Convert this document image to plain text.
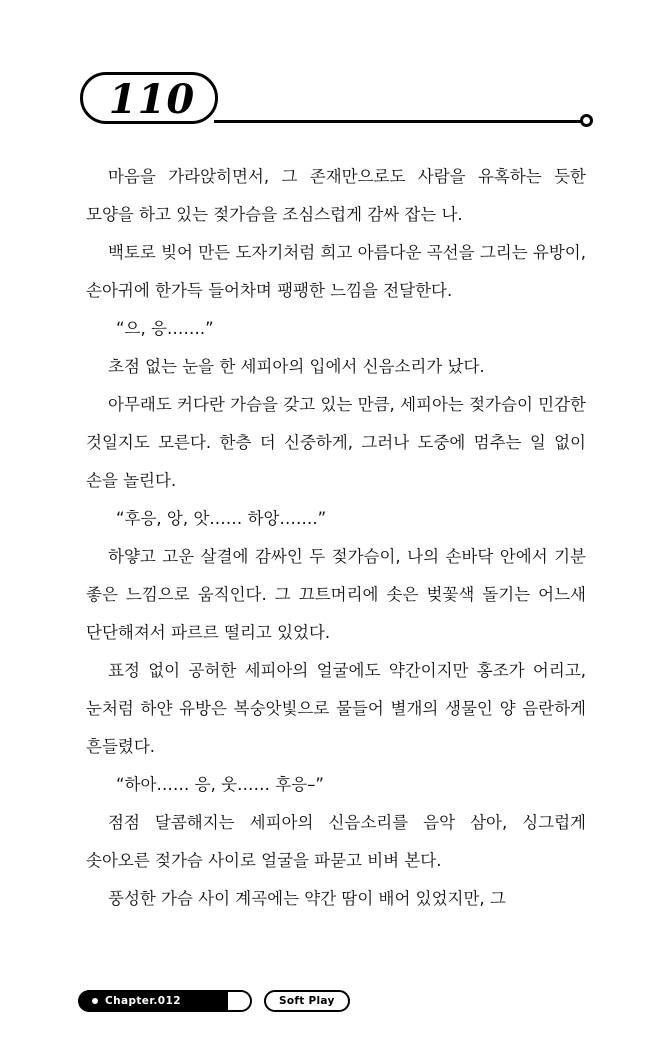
110

마음을 가라앉히면서, 그 존재만으로도 사람을 유혹하는 듯한 모양을 하고 있는 젖가슴을 조심스럽게 감싸 잡는 나.

백토로 빚어 만든 도자기처럼 희고 아름다운 곡선을 그리는 유방이, 손아귀에 한가득 들어차며 팽팽한 느낌을 전달한다.

“으, 응…….”

초점 없는 눈을 한 세피아의 입에서 신음소리가 났다.

아무래도 커다란 가슴을 갖고 있는 만큼, 세피아는 젖가슴이 민감한 것일지도 모른다. 한층 더 신중하게, 그러나 도중에 멈추는 일 없이 손을 놀린다.

“후응, 앙, 앗…… 하앙…….”

하얗고 고운 살결에 감싸인 두 젖가슴이, 나의 손바닥 안에서 기분 좋은 느낌으로 움직인다. 그 끄트머리에 솟은 벚꽃색 돌기는 어느새 단단해져서 파르르 떨리고 있었다.

표정 없이 공허한 세피아의 얼굴에도 약간이지만 홍조가 어리고, 눈처럼 하얀 유방은 복숭앗빛으로 물들어 별개의 생물인 양 음란하게 흔들렸다.

“하아…… 응, 웃…… 후응–”

점점 달콤해지는 세피아의 신음소리를 음악 삼아, 싱그럽게 솟아오른 젖가슴 사이로 얼굴을 파묻고 비벼 본다.

풍성한 가슴 사이 계곡에는 약간 땀이 배어 있었지만, 그

Chapter.012	Soft Play
